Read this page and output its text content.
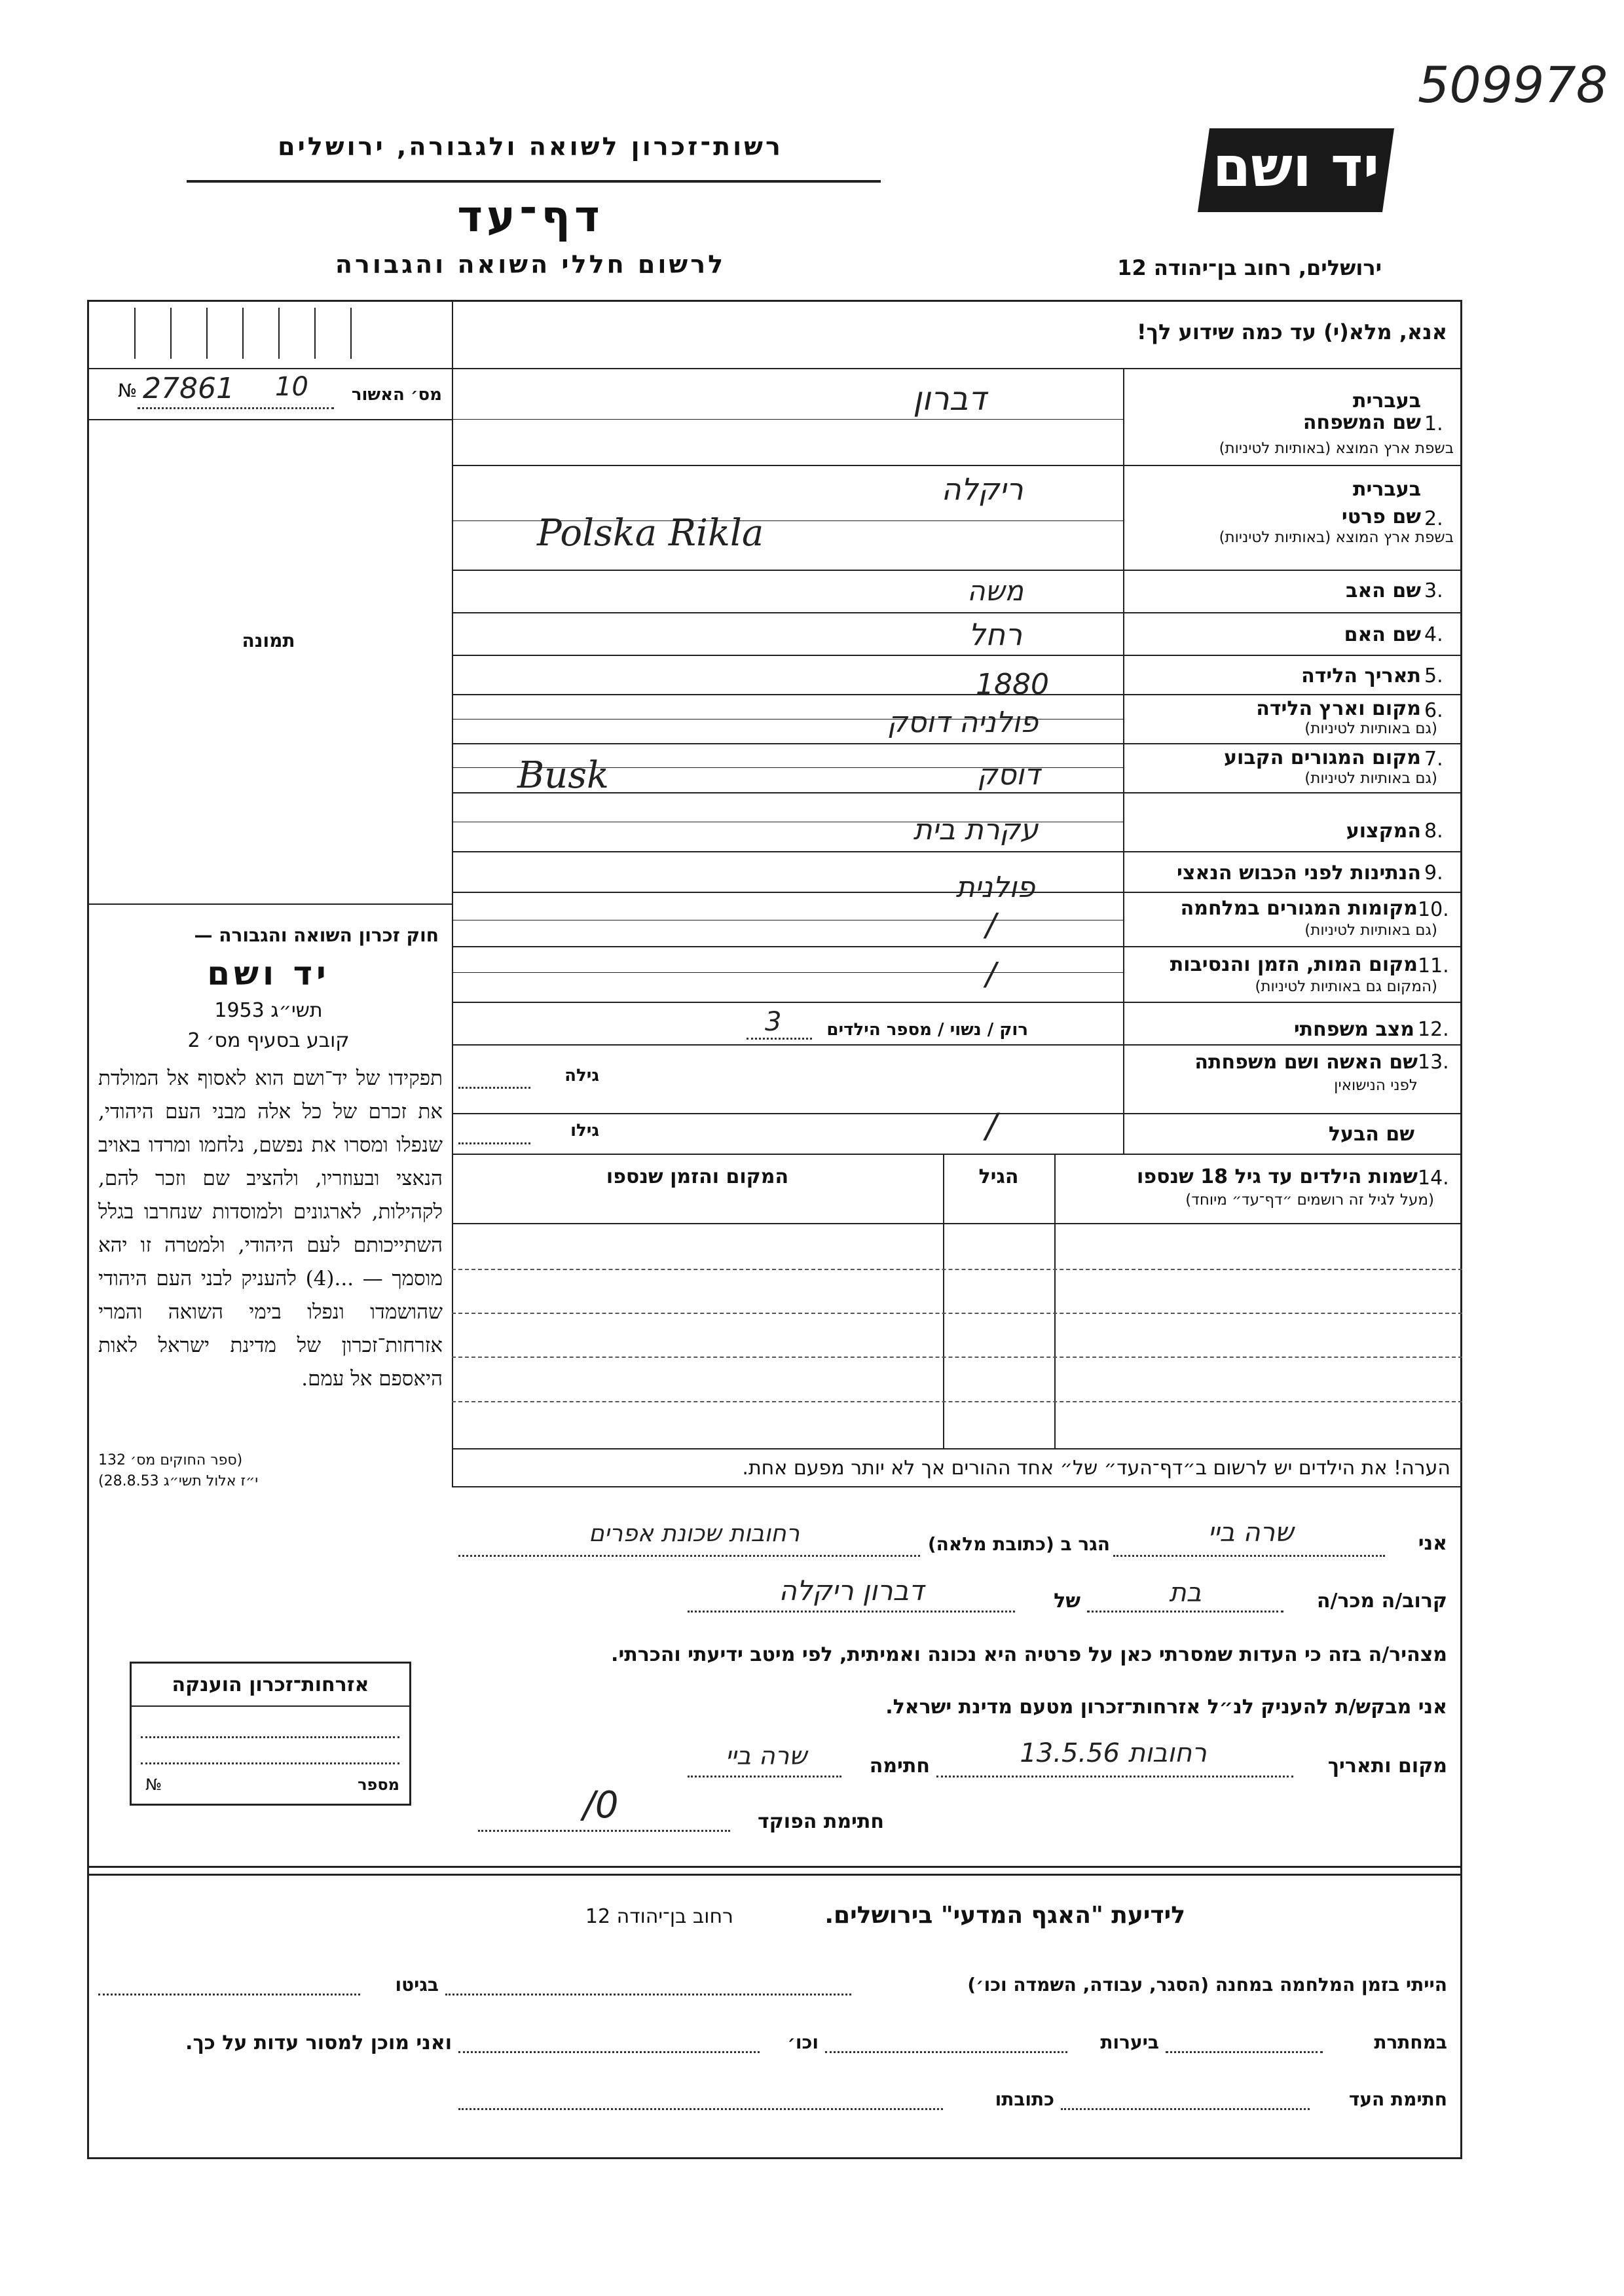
509978
רשות־זכרון לשואה ולגבורה, ירושלים
דף־עד
לרשום חללי השואה והגבורה
יד ושם
ירושלים, רחוב בן־יהודה 12
אנא, מלא(י) עד כמה שידוע לך!
№ 27861 10	מס׳ האשור
תמונה
חוק זכרון השואה והגבורה —
יד ושם
תשי״ג 1953
קובע בסעיף מס׳ 2
תפקידו של יד־ושם הוא לאסוף אל המולדת את זכרם של כל אלה מבני העם היהודי, שנפלו ומסרו את נפשם, נלחמו ומרדו באויב הנאצי ובעוזריו, ולהציב שם וזכר להם, לקהילות, לארגונים ולמוסדות שנחרבו בגלל השתייכותם לעם היהודי, ולמטרה זו יהא מוסמך — ...(4) להעניק לבני העם היהודי שהושמדו ונפלו בימי השואה והמרי אזרחות־זכרון של מדינת ישראל לאות היאספם אל עמם.
(ספר החוקים מס׳ 132
י״ז אלול תשי״ג 28.8.53)
1.
בעברית
שם המשפחה
בשפת ארץ המוצא (באותיות לטיניות)
דברון
2.
בעברית
שם פרטי
בשפת ארץ המוצא (באותיות לטיניות)
ריקלה
Polska Rikla
3.
שם האב
משה
4.
שם האם
רחל
5.
תאריך הלידה
1880
6.
מקום וארץ הלידה
(גם באותיות לטיניות)
פולניה דוסק
7.
מקום המגורים הקבוע
(גם באותיות לטיניות)
דוסק
Busk
8.
המקצוע
עקרת בית
9.
הנתינות לפני הכבוש הנאצי
פולנית
10.
מקומות המגורים במלחמה
(גם באותיות לטיניות)
/
11.
מקום המות, הזמן והנסיבות
(המקום גם באותיות לטיניות)
/
12.
מצב משפחתי
רוק / נשוי / מספר הילדים
3
13.
שם האשה ושם משפחתה
לפני הנישואין
גילה
שם הבעל
גילו	/
14.
שמות הילדים עד גיל 18 שנספו
(מעל לגיל זה רושמים ״דף־עד״ מיוחד)
הגיל
המקום והזמן שנספו
הערה! את הילדים יש לרשום ב״דף־העד״ של״ אחד ההורים אך לא יותר מפעם אחת.
אני
שרה ביי
הגר ב (כתובת מלאה)
רחובות שכונת אפרים
קרוב/ה מכר/ה
בת
של
דברון ריקלה
מצהיר/ה בזה כי העדות שמסרתי כאן על פרטיה היא נכונה ואמיתית, לפי מיטב ידיעתי והכרתי.
אני מבקש/ת להעניק לנ״ל אזרחות־זכרון מטעם מדינת ישראל.
מקום ותאריך
רחובות 13.5.56
חתימה
שרה ביי
חתימת הפוקד
/0
אזרחות־זכרון הוענקה
№	מספר
לידיעת "האגף המדעי" בירושלים.
רחוב בן־יהודה 12
הייתי בזמן המלחמה במחנה (הסגר, עבודה, השמדה וכו׳)
בגיטו
במחתרת
ביערות
וכו׳
ואני מוכן למסור עדות על כך.
חתימת העד
כתובתו
